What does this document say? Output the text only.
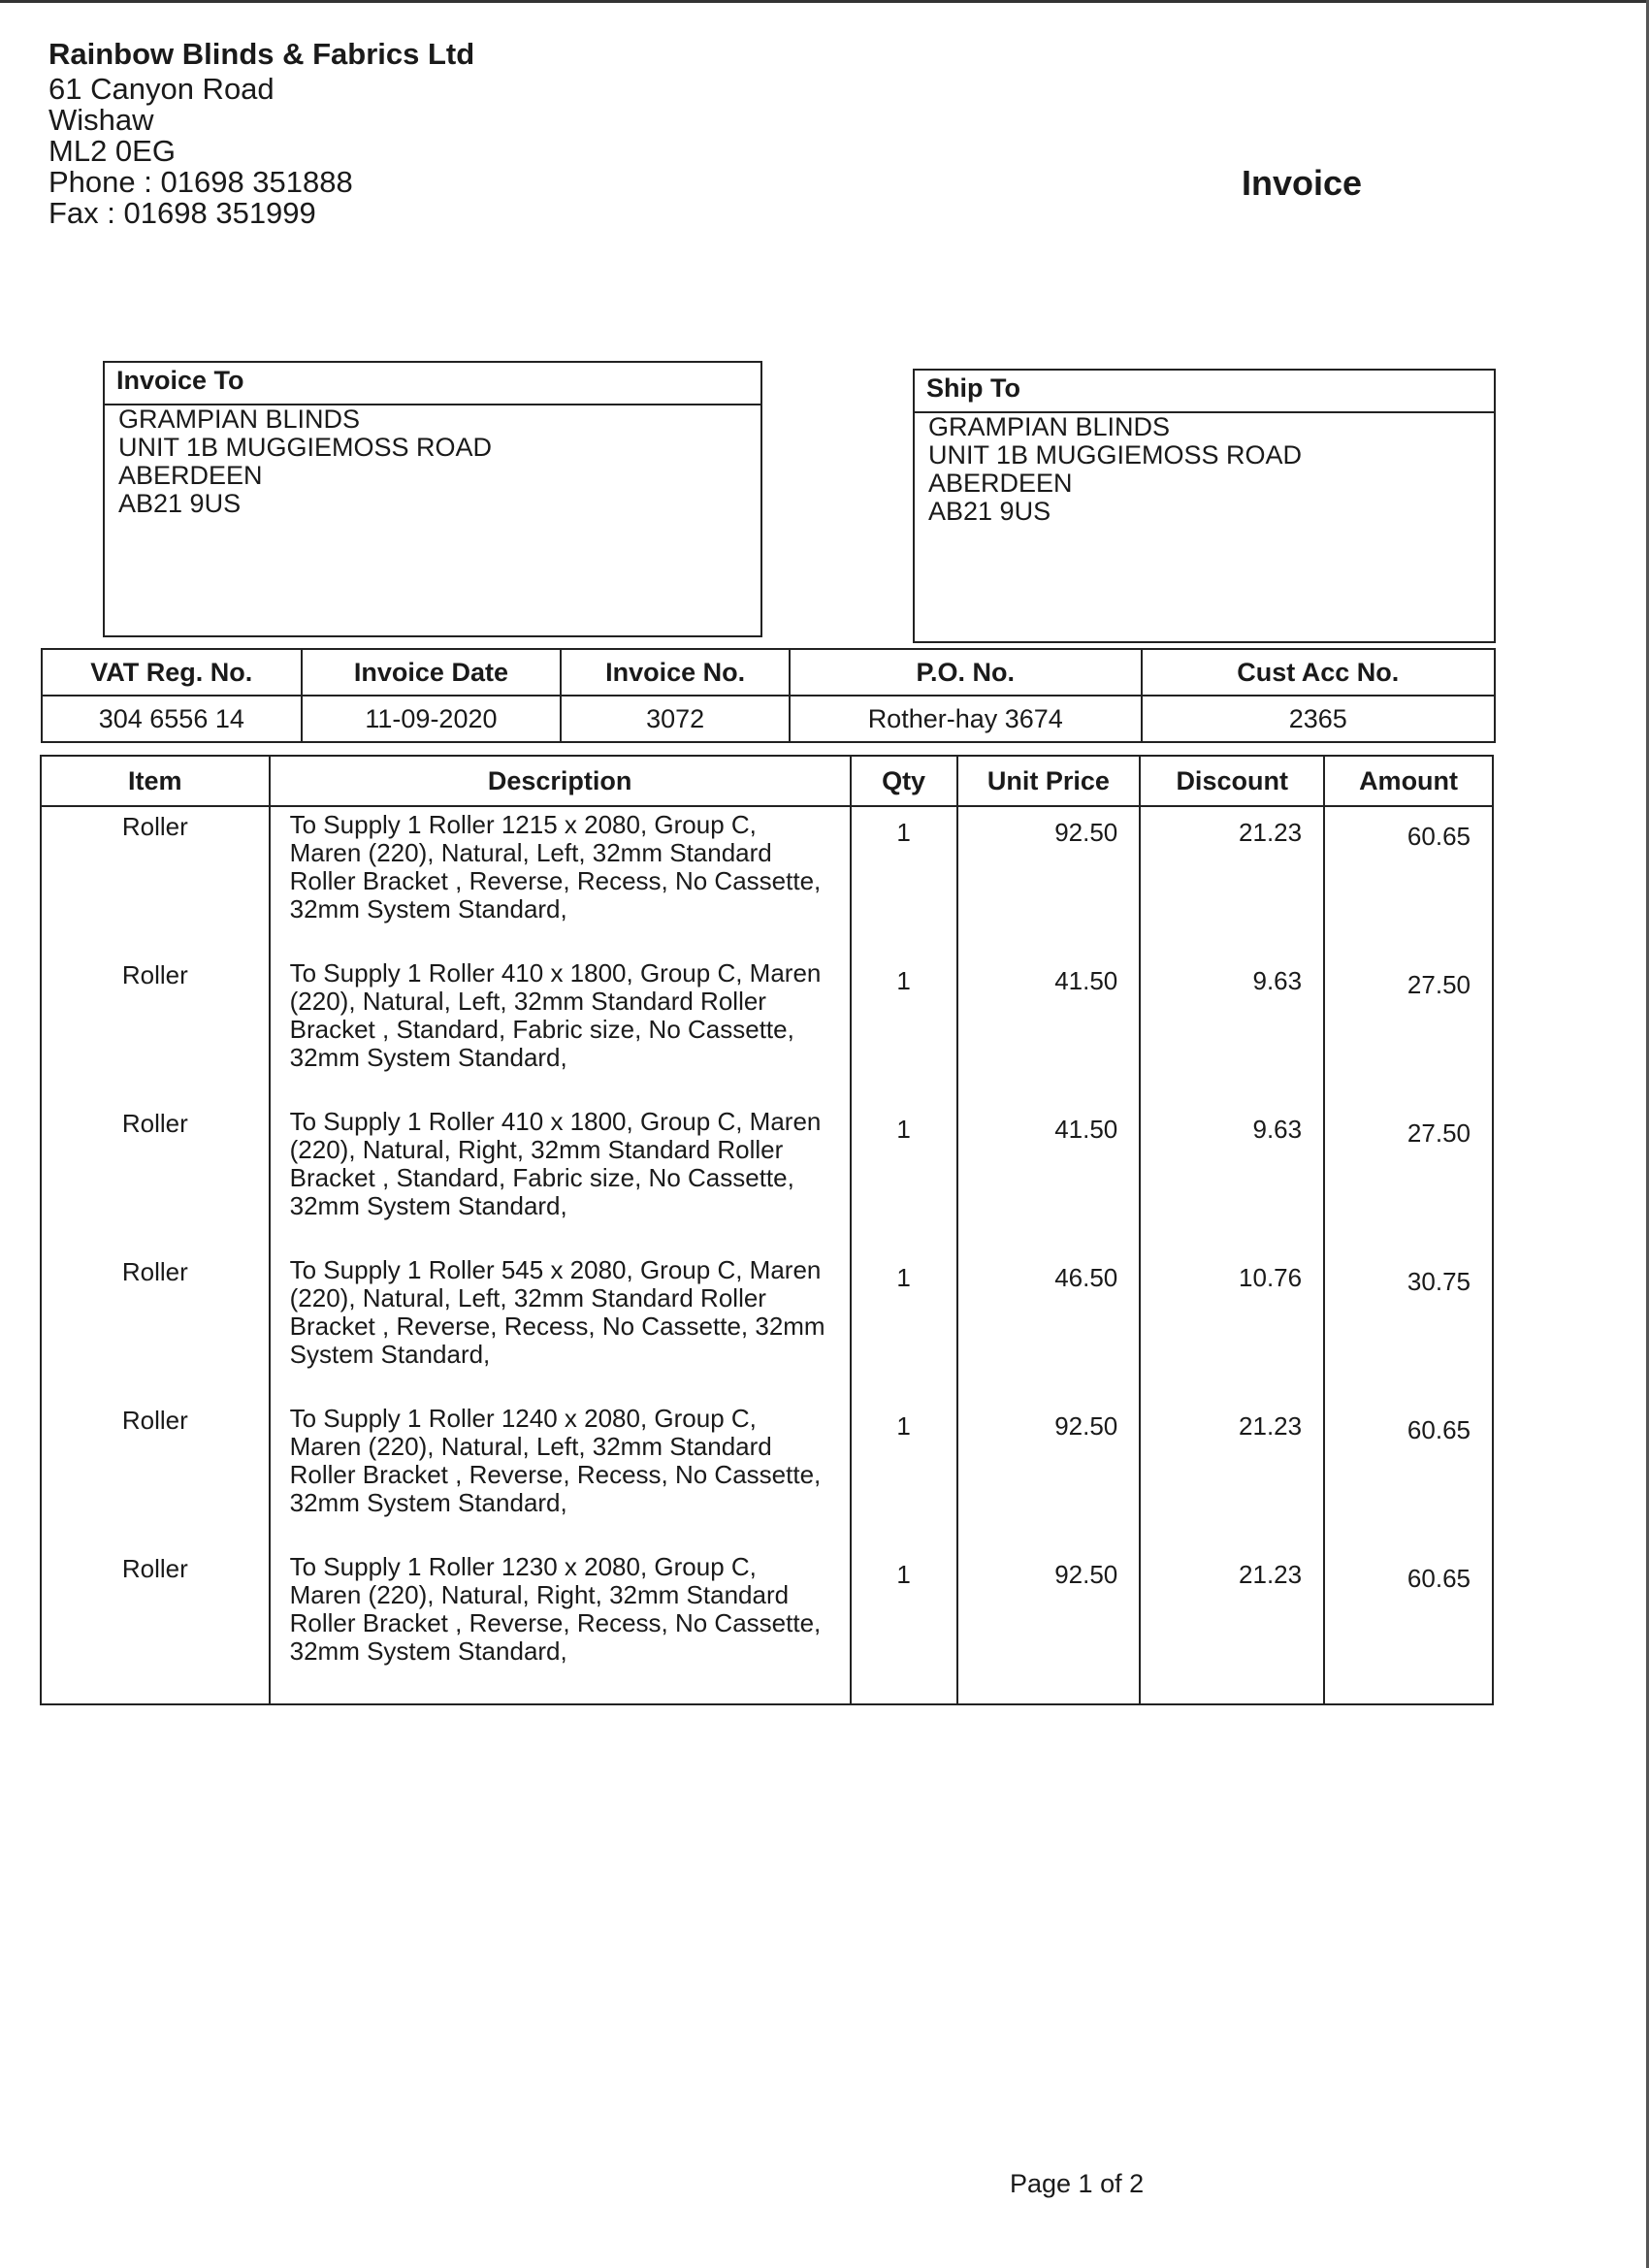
Rainbow Blinds & Fabrics Ltd
61 Canyon Road
Wishaw
ML2 0EG
Phone : 01698 351888
Fax : 01698 351999
Invoice
Invoice To
GRAMPIAN BLINDS
UNIT 1B MUGGIEMOSS ROAD
ABERDEEN
AB21 9US
Ship To
GRAMPIAN BLINDS
UNIT 1B MUGGIEMOSS ROAD
ABERDEEN
AB21 9US
VAT Reg. No.	Invoice Date	Invoice No.	P.O. No.	Cust Acc No.
304 6556 14	11-09-2020	3072	Rother-hay 3674	2365
Item	Description	Qty	Unit Price	Discount	Amount
Roller	To Supply 1 Roller 1215 x 2080, Group C,
Maren (220), Natural, Left, 32mm Standard
Roller Bracket , Reverse, Recess, No Cassette,
32mm System Standard,	1	92.50	21.23	60.65
Roller	To Supply 1 Roller 410 x 1800, Group C, Maren
(220), Natural, Left, 32mm Standard Roller
Bracket , Standard, Fabric size, No Cassette,
32mm System Standard,	1	41.50	9.63	27.50
Roller	To Supply 1 Roller 410 x 1800, Group C, Maren
(220), Natural, Right, 32mm Standard Roller
Bracket , Standard, Fabric size, No Cassette,
32mm System Standard,	1	41.50	9.63	27.50
Roller	To Supply 1 Roller 545 x 2080, Group C, Maren
(220), Natural, Left, 32mm Standard Roller
Bracket , Reverse, Recess, No Cassette, 32mm
System Standard,	1	46.50	10.76	30.75
Roller	To Supply 1 Roller 1240 x 2080, Group C,
Maren (220), Natural, Left, 32mm Standard
Roller Bracket , Reverse, Recess, No Cassette,
32mm System Standard,	1	92.50	21.23	60.65
Roller	To Supply 1 Roller 1230 x 2080, Group C,
Maren (220), Natural, Right, 32mm Standard
Roller Bracket , Reverse, Recess, No Cassette,
32mm System Standard,	1	92.50	21.23	60.65

Page 1 of 2
